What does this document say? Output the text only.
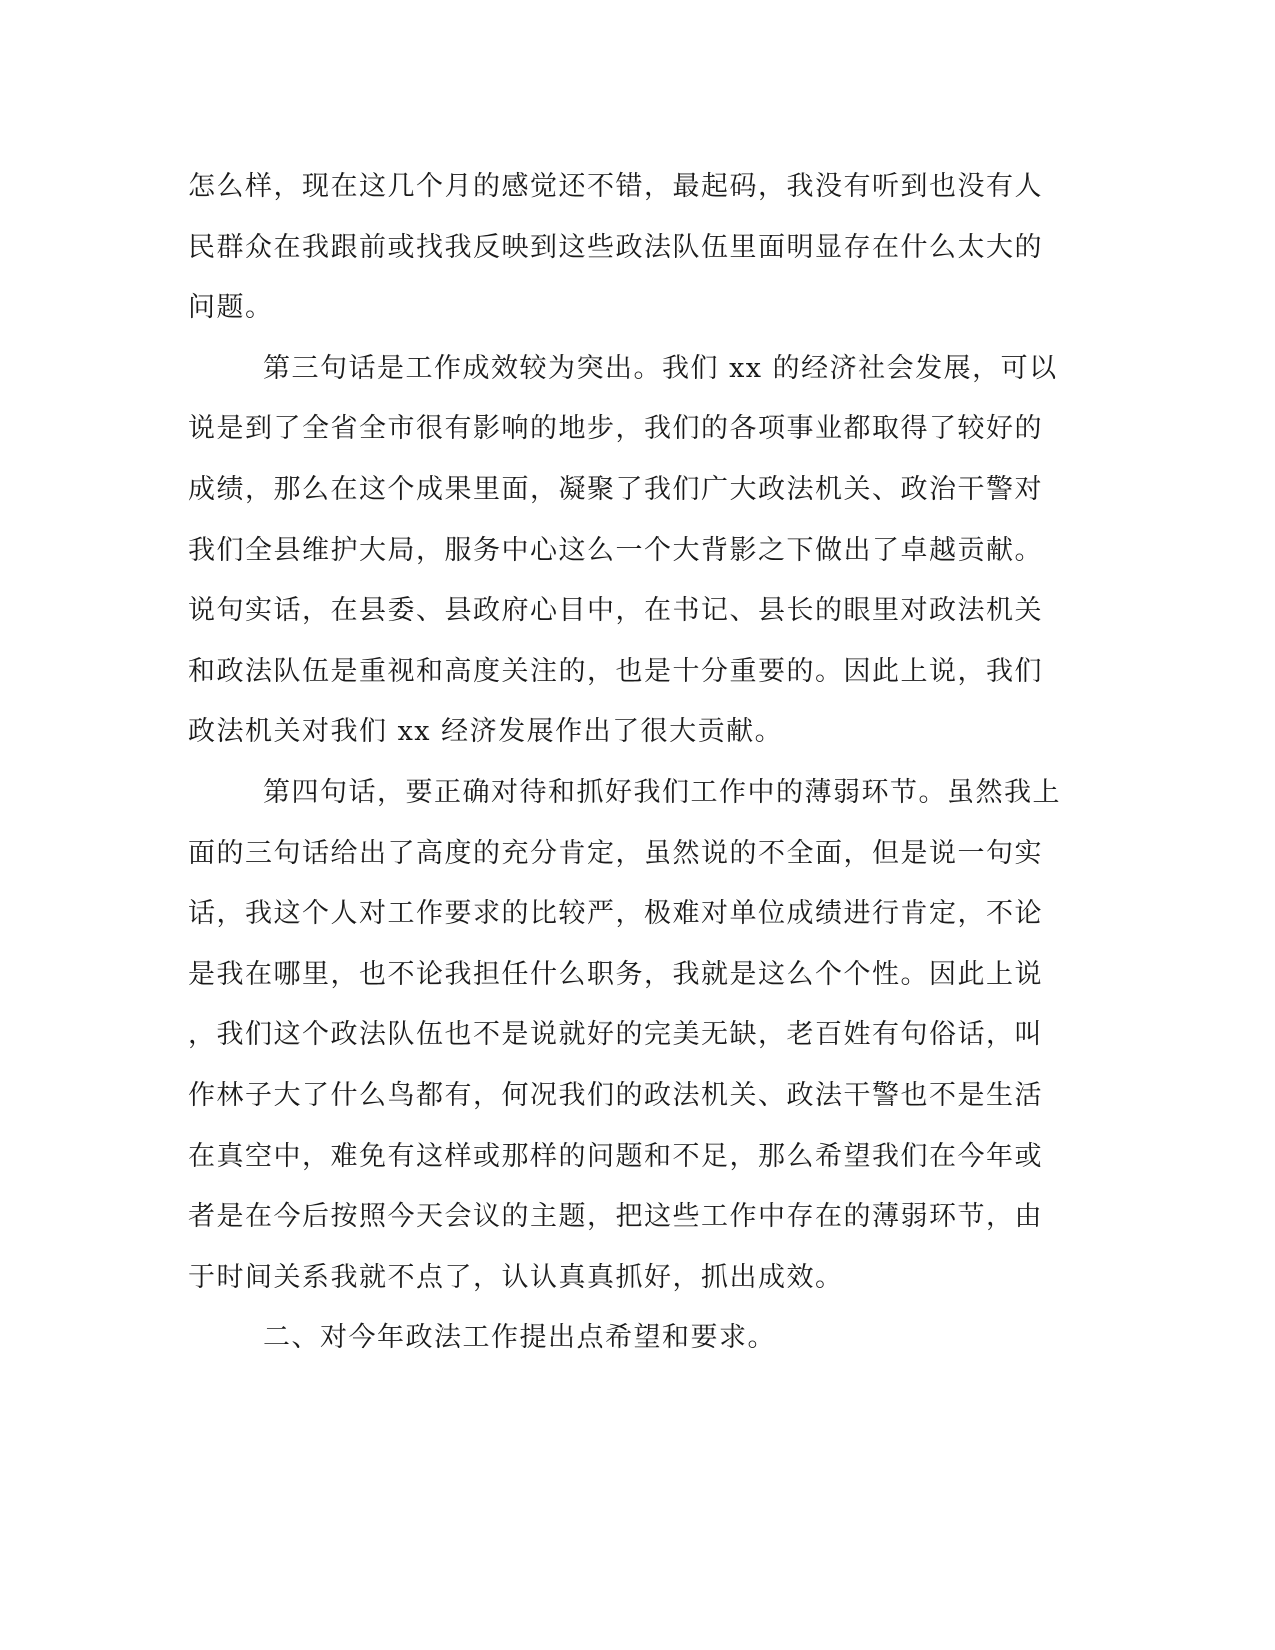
怎么样，现在这几个月的感觉还不错，最起码，我没有听到也没有人
民群众在我跟前或找我反映到这些政法队伍里面明显存在什么太大的
问题。
第三句话是工作成效较为突出。我们 xx 的经济社会发展，可以
说是到了全省全市很有影响的地步，我们的各项事业都取得了较好的
成绩，那么在这个成果里面，凝聚了我们广大政法机关、政治干警对
我们全县维护大局，服务中心这么一个大背影之下做出了卓越贡献。
说句实话，在县委、县政府心目中，在书记、县长的眼里对政法机关
和政法队伍是重视和高度关注的，也是十分重要的。因此上说，我们
政法机关对我们 xx 经济发展作出了很大贡献。
第四句话，要正确对待和抓好我们工作中的薄弱环节。虽然我上
面的三句话给出了高度的充分肯定，虽然说的不全面，但是说一句实
话，我这个人对工作要求的比较严，极难对单位成绩进行肯定，不论
是我在哪里，也不论我担任什么职务，我就是这么个个性。因此上说
，我们这个政法队伍也不是说就好的完美无缺，老百姓有句俗话，叫
作林子大了什么鸟都有，何况我们的政法机关、政法干警也不是生活
在真空中，难免有这样或那样的问题和不足，那么希望我们在今年或
者是在今后按照今天会议的主题，把这些工作中存在的薄弱环节，由
于时间关系我就不点了，认认真真抓好，抓出成效。
二、对今年政法工作提出点希望和要求。
